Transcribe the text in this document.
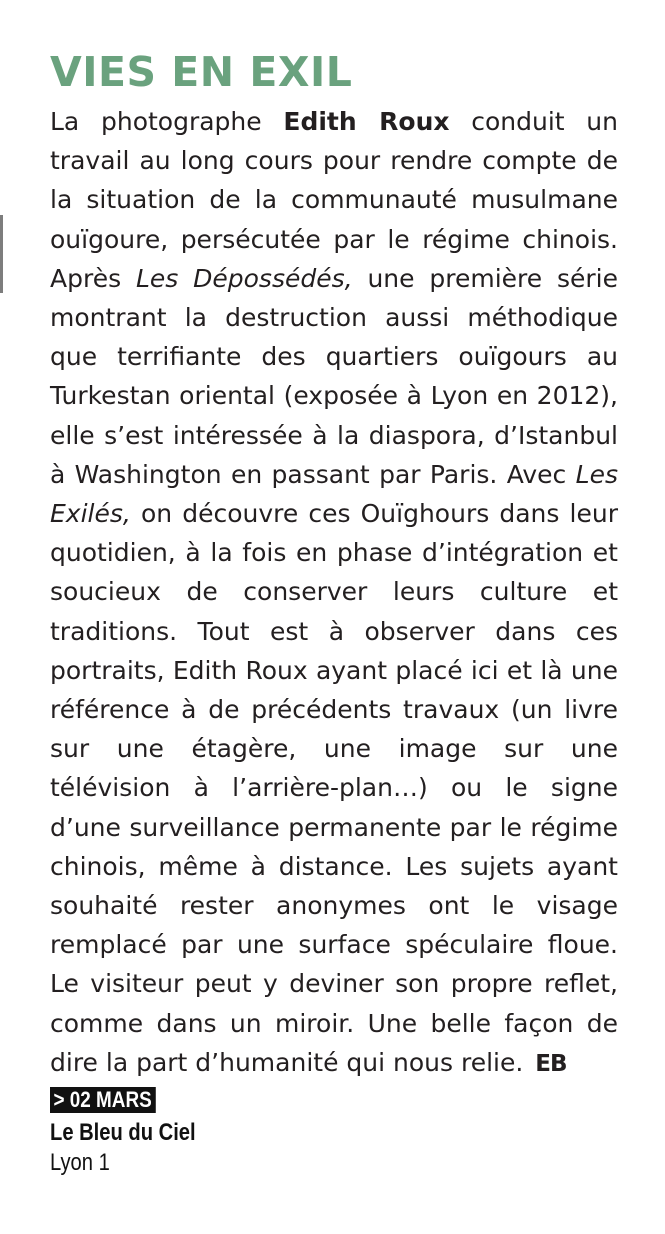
VIES EN EXIL

La photographe Edith Roux conduit un travail au long cours pour rendre compte de la situation de la communauté musulmane ouïgoure, persécutée par le régime chinois. Après Les Dépossédés, une première série montrant la destruction aussi méthodique que terrifiante des quartiers ouïgours au Turkestan oriental (exposée à Lyon en 2012), elle s’est intéressée à la diaspora, d’Istanbul à Washington en passant par Paris. Avec Les Exilés, on découvre ces Ouïghours dans leur quotidien, à la fois en phase d’intégration et soucieux de conserver leurs culture et traditions. Tout est à observer dans ces portraits, Edith Roux ayant placé ici et là une référence à de précédents travaux (un livre sur une étagère, une image sur une télévision à l’arrière-plan…) ou le signe d’une surveillance permanente par le régime chinois, même à distance. Les sujets ayant souhaité rester anonymes ont le visage remplacé par une surface spéculaire floue. Le visiteur peut y deviner son propre reflet, comme dans un miroir. Une belle façon de dire la part d’humanité qui nous relie. EB

> 02 MARS
Le Bleu du Ciel
Lyon 1
